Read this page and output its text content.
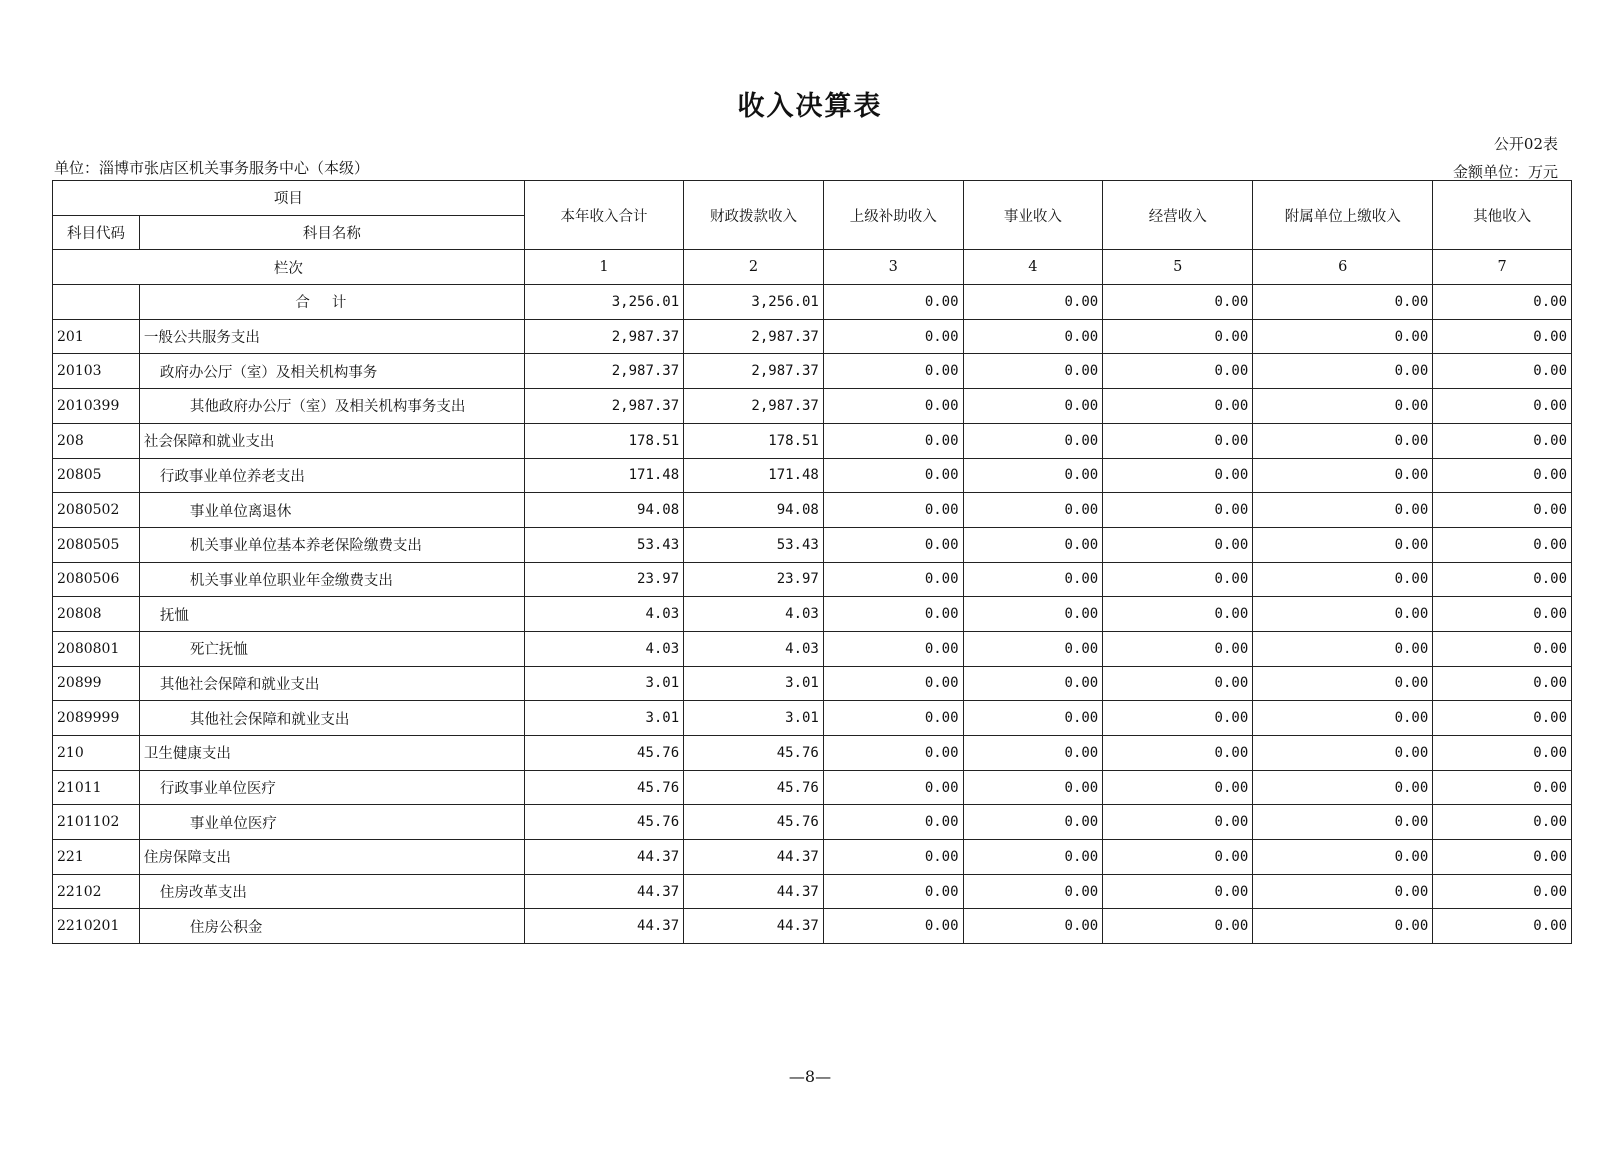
收入决算表
公开02表
单位：淄博市张店区机关事务服务中心（本级）	金额单位：万元
项目		本年收入合计	财政拨款收入	上级补助收入	事业收入	经营收入	附属单位上缴收入	其他收入
科目代码	科目名称							
栏次		1	2	3	4	5	6	7
	合计	3,256.01	3,256.01	0.00	0.00	0.00	0.00	0.00
201	一般公共服务支出	2,987.37	2,987.37	0.00	0.00	0.00	0.00	0.00
20103	政府办公厅（室）及相关机构事务	2,987.37	2,987.37	0.00	0.00	0.00	0.00	0.00
2010399	其他政府办公厅（室）及相关机构事务支出	2,987.37	2,987.37	0.00	0.00	0.00	0.00	0.00
208	社会保障和就业支出	178.51	178.51	0.00	0.00	0.00	0.00	0.00
20805	行政事业单位养老支出	171.48	171.48	0.00	0.00	0.00	0.00	0.00
2080502	事业单位离退休	94.08	94.08	0.00	0.00	0.00	0.00	0.00
2080505	机关事业单位基本养老保险缴费支出	53.43	53.43	0.00	0.00	0.00	0.00	0.00
2080506	机关事业单位职业年金缴费支出	23.97	23.97	0.00	0.00	0.00	0.00	0.00
20808	抚恤	4.03	4.03	0.00	0.00	0.00	0.00	0.00
2080801	死亡抚恤	4.03	4.03	0.00	0.00	0.00	0.00	0.00
20899	其他社会保障和就业支出	3.01	3.01	0.00	0.00	0.00	0.00	0.00
2089999	其他社会保障和就业支出	3.01	3.01	0.00	0.00	0.00	0.00	0.00
210	卫生健康支出	45.76	45.76	0.00	0.00	0.00	0.00	0.00
21011	行政事业单位医疗	45.76	45.76	0.00	0.00	0.00	0.00	0.00
2101102	事业单位医疗	45.76	45.76	0.00	0.00	0.00	0.00	0.00
221	住房保障支出	44.37	44.37	0.00	0.00	0.00	0.00	0.00
22102	住房改革支出	44.37	44.37	0.00	0.00	0.00	0.00	0.00
2210201	住房公积金	44.37	44.37	0.00	0.00	0.00	0.00	0.00
—8—
